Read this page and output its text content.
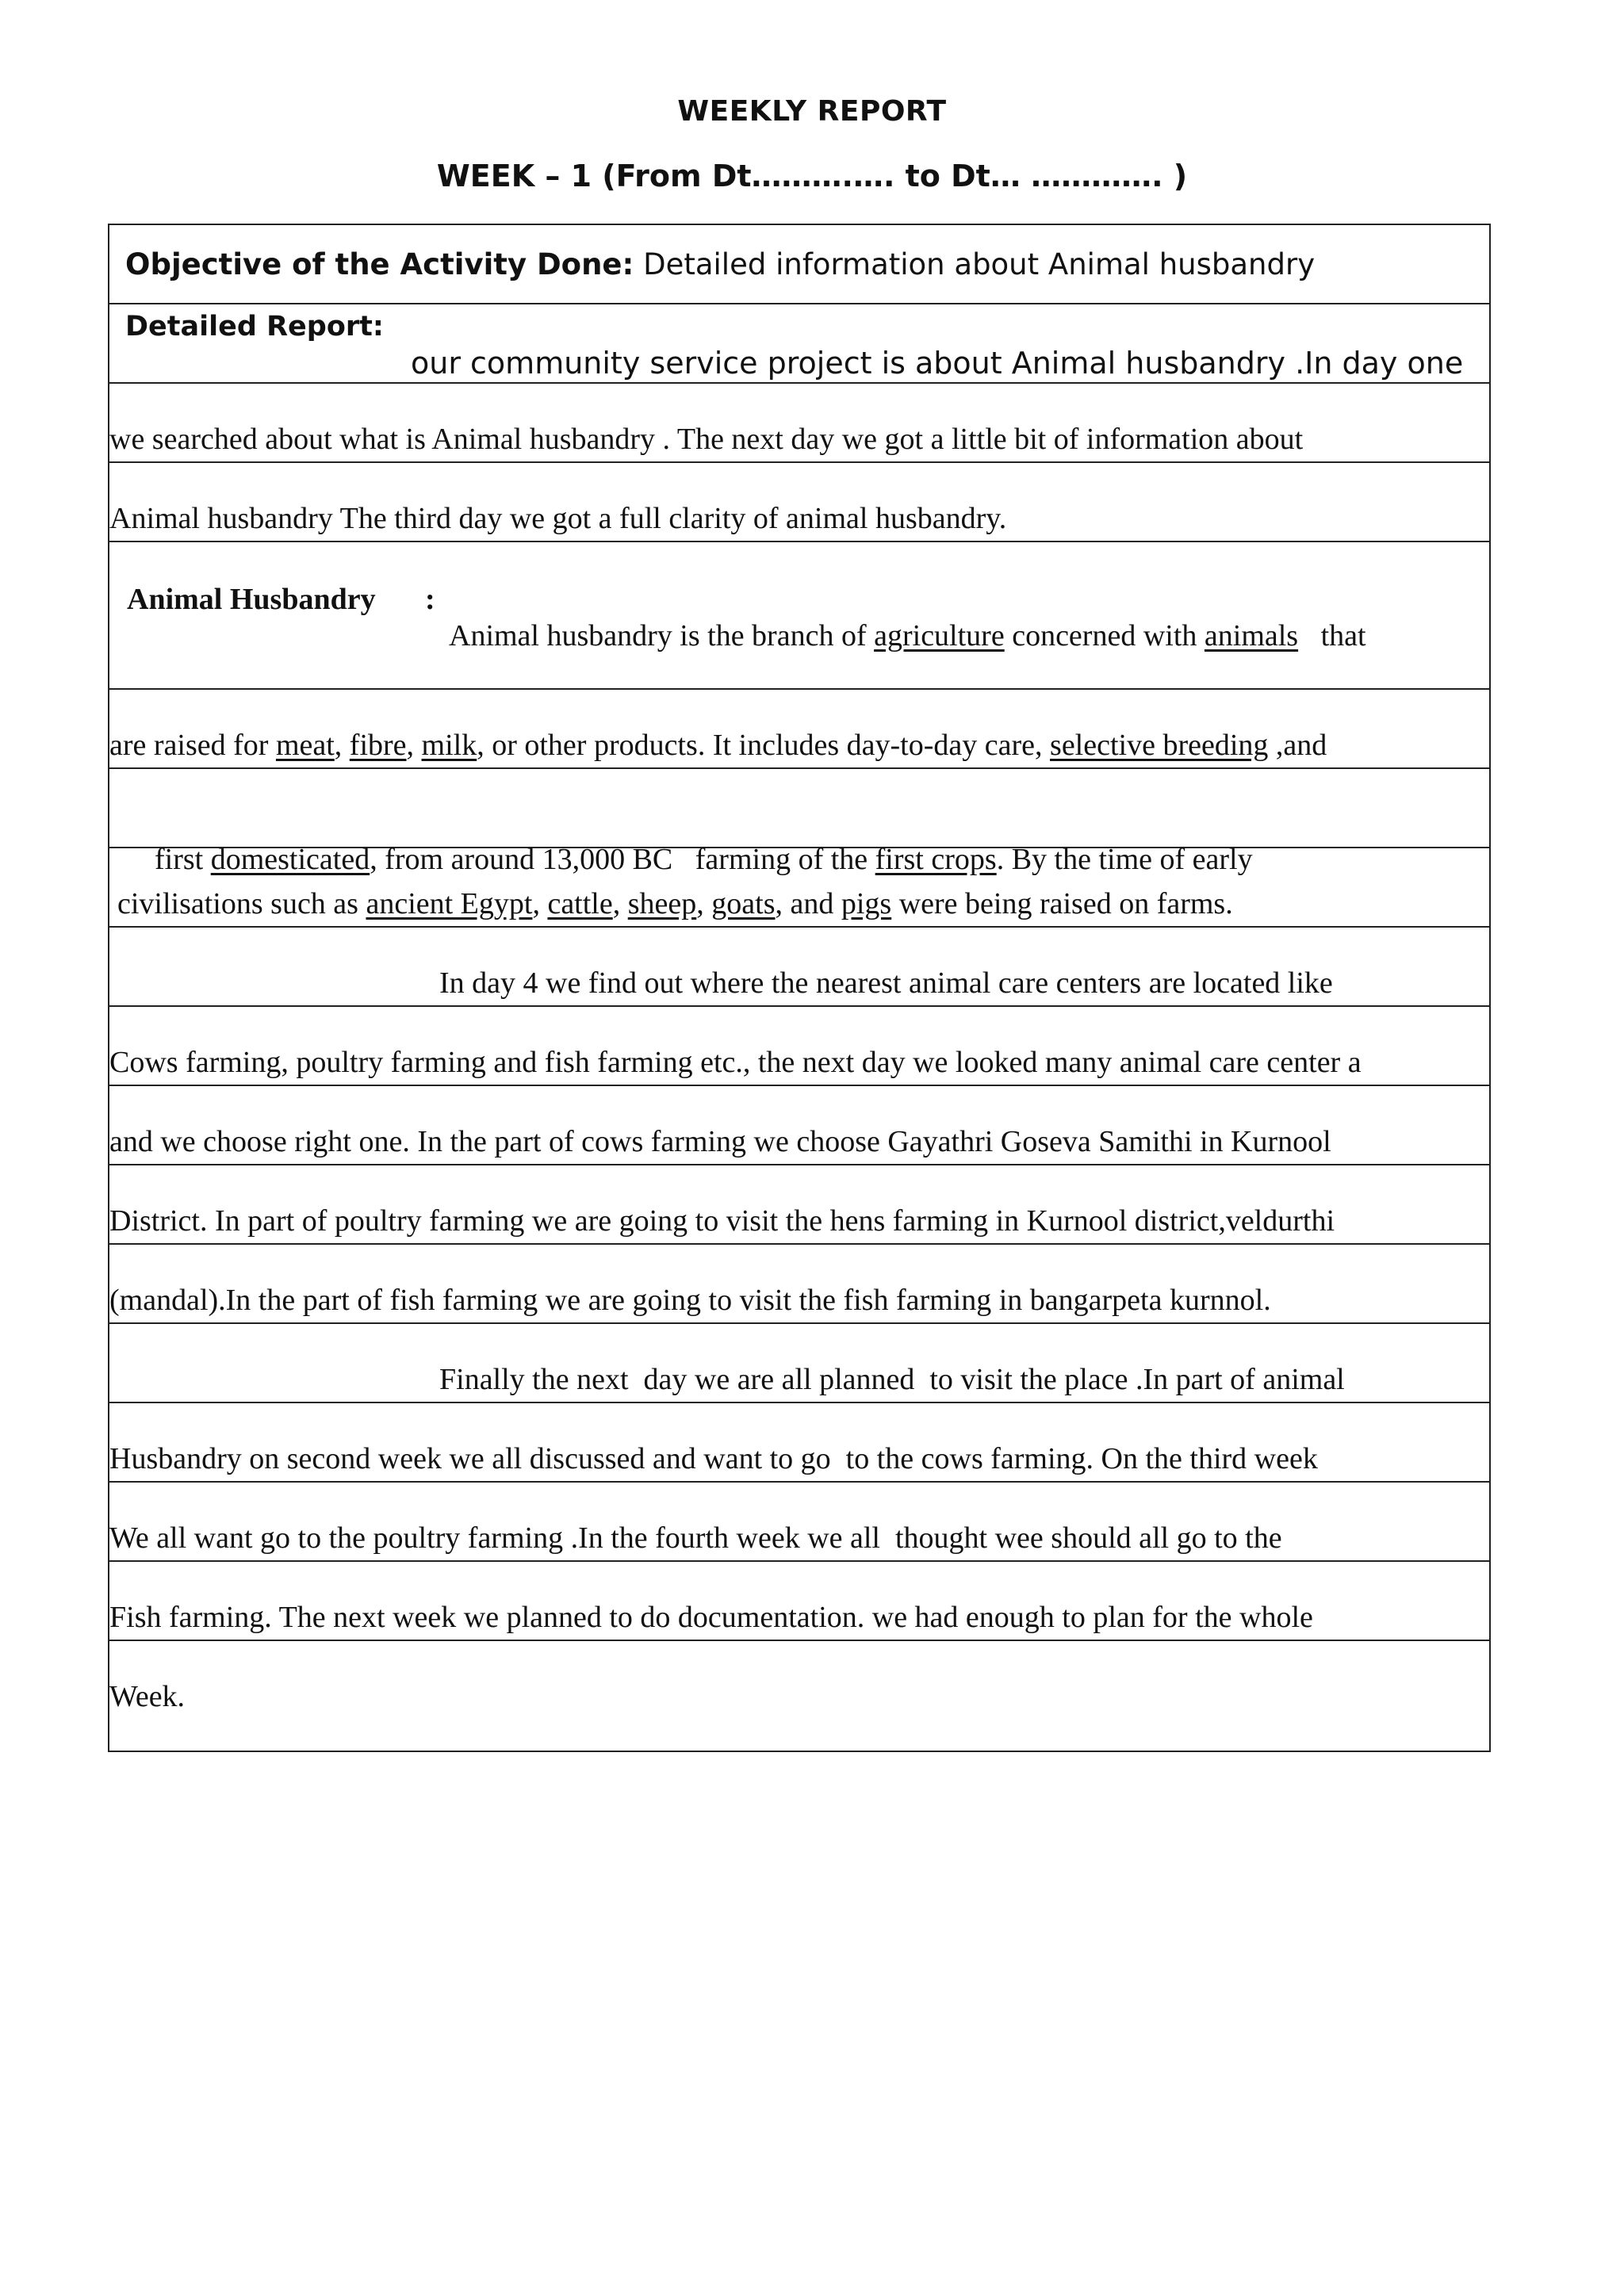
WEEKLY REPORT
WEEK – 1 (From Dt……….…. to Dt… …………. )
Objective of the Activity Done: Detailed information about Animal husbandry
Detailed Report:
our community service project is about Animal husbandry .In day one
we searched about what is Animal husbandry . The next day we got a little bit of information about
Animal husbandry The third day we got a full clarity of animal husbandry.
Animal Husbandry :
Animal husbandry is the branch of agriculture concerned with animals   that
are raised for meat, fibre, milk, or other products. It includes day-to-day care, selective breeding ,and

first domesticated, from around 13,000 BC   farming of the first crops. By the time of early

civilisations such as ancient Egypt, cattle, sheep, goats, and pigs were being raised on farms.
In day 4 we find out where the nearest animal care centers are located like
Cows farming, poultry farming and fish farming etc., the next day we looked many animal care center a
and we choose right one. In the part of cows farming we choose Gayathri Goseva Samithi in Kurnool
District. In part of poultry farming we are going to visit the hens farming in Kurnool district,veldurthi
(mandal).In the part of fish farming we are going to visit the fish farming in bangarpeta kurnnol.
Finally the next  day we are all planned  to visit the place .In part of animal
Husbandry on second week we all discussed and want to go  to the cows farming. On the third week
We all want go to the poultry farming .In the fourth week we all  thought wee should all go to the
Fish farming. The next week we planned to do documentation. we had enough to plan for the whole
Week.
